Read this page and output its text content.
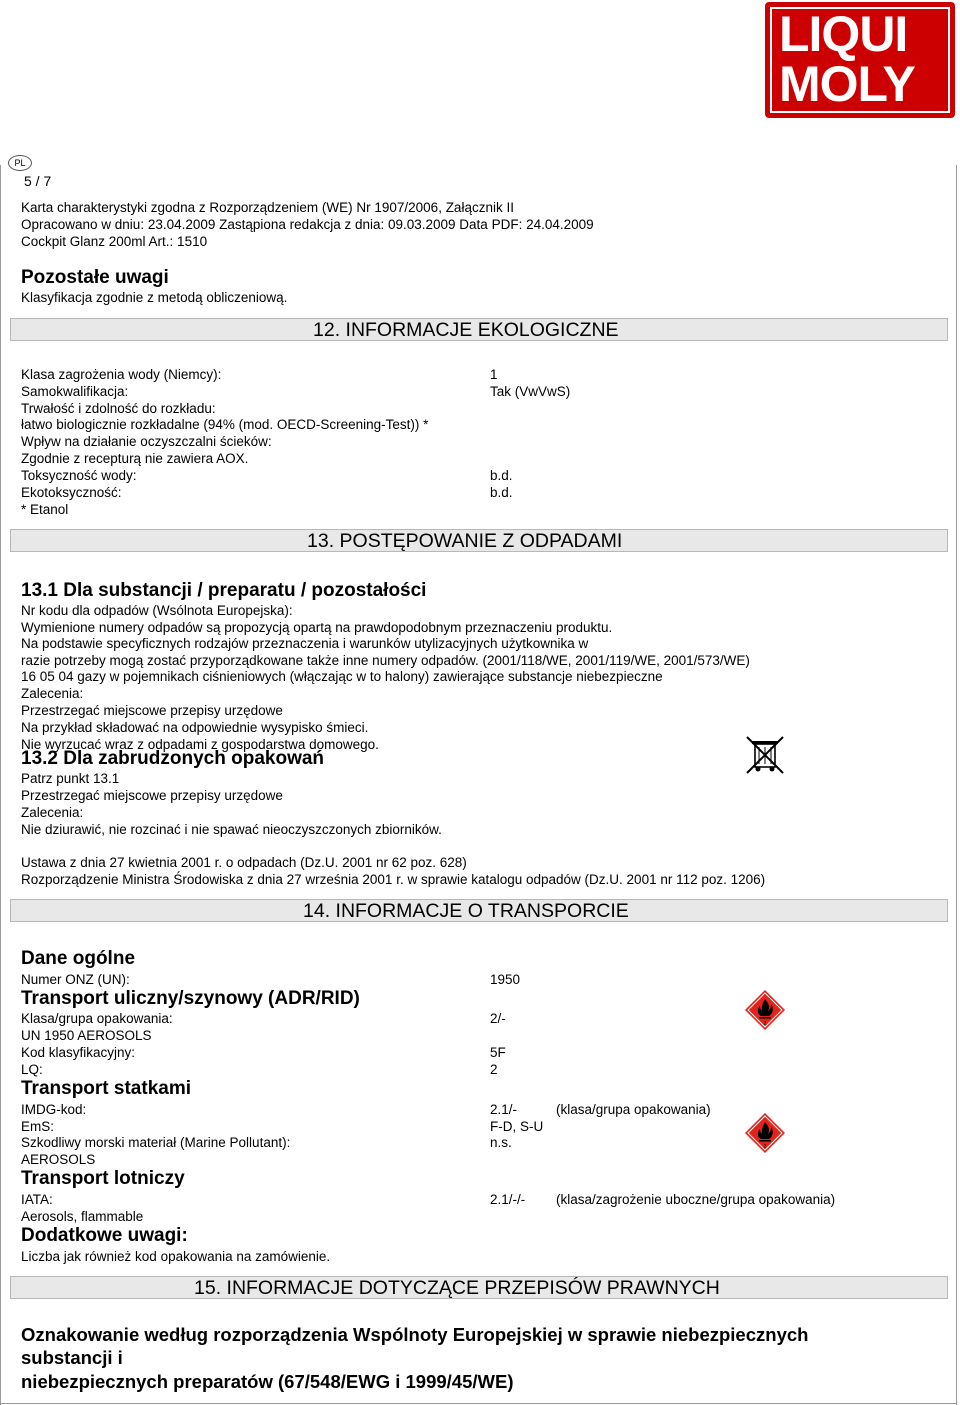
LIQUI
MOLY
PL
5 / 7
Karta charakterystyki zgodna z Rozporządzeniem (WE) Nr 1907/2006, Załącznik II
Opracowano w dniu: 23.04.2009 Zastąpiona redakcja z dnia: 09.03.2009 Data PDF: 24.04.2009
Cockpit Glanz 200ml Art.: 1510
Pozostałe uwagi
Klasyfikacja zgodnie z metodą obliczeniową.
12. INFORMACJE EKOLOGICZNE
Klasa zagrożenia wody (Niemcy):	1
Samokwalifikacja:	Tak (VwVwS)
Trwałość i zdolność do rozkładu:
łatwo biologicznie rozkładalne (94% (mod. OECD-Screening-Test)) *
Wpływ na działanie oczyszczalni ścieków:
Zgodnie z recepturą nie zawiera AOX.
Toksyczność wody:	b.d.
Ekotoksyczność:	b.d.
* Etanol
13. POSTĘPOWANIE Z ODPADAMI
13.1 Dla substancji / preparatu / pozostałości
Nr kodu dla odpadów (Wsólnota Europejska):
Wymienione numery odpadów są propozycją opartą na prawdopodobnym przeznaczeniu produktu.
Na podstawie specyficznych rodzajów przeznaczenia i warunków utylizacyjnych użytkownika w
razie potrzeby mogą zostać przyporządkowane także inne numery odpadów. (2001/118/WE, 2001/119/WE, 2001/573/WE)
16 05 04 gazy w pojemnikach ciśnieniowych (włączając w to halony) zawierające substancje niebezpieczne
Zalecenia:
Przestrzegać miejscowe przepisy urzędowe
Na przykład składować na odpowiednie wysypisko śmieci.
Nie wyrzucać wraz z odpadami z gospodarstwa domowego.
13.2 Dla zabrudzonych opakowań
Patrz punkt 13.1
Przestrzegać miejscowe przepisy urzędowe
Zalecenia:
Nie dziurawić, nie rozcinać i nie spawać nieoczyszczonych zbiorników.
Ustawa z dnia 27 kwietnia 2001 r. o odpadach (Dz.U. 2001 nr 62 poz. 628)
Rozporządzenie Ministra Środowiska z dnia 27 września 2001 r. w sprawie katalogu odpadów (Dz.U. 2001 nr 112 poz. 1206)
14. INFORMACJE O TRANSPORCIE
Dane ogólne
Numer ONZ (UN):	1950
Transport uliczny/szynowy (ADR/RID)
Klasa/grupa opakowania:	2/-
UN 1950 AEROSOLS
Kod klasyfikacyjny:	5F
LQ:	2
2
Transport statkami
IMDG-kod:	2.1/-	(klasa/grupa opakowania)
EmS:	F-D, S-U
Szkodliwy morski materiał (Marine Pollutant):	n.s.
AEROSOLS
2
Transport lotniczy
IATA:	2.1/-/- (klasa/zagrożenie uboczne/grupa opakowania)
Aerosols, flammable
Dodatkowe uwagi:
Liczba jak również kod opakowania na zamówienie.
15. INFORMACJE DOTYCZĄCE PRZEPISÓW PRAWNYCH
Oznakowanie według rozporządzenia Wspólnoty Europejskiej w sprawie niebezpiecznych
substancji i
niebezpiecznych preparatów (67/548/EWG i 1999/45/WE)
